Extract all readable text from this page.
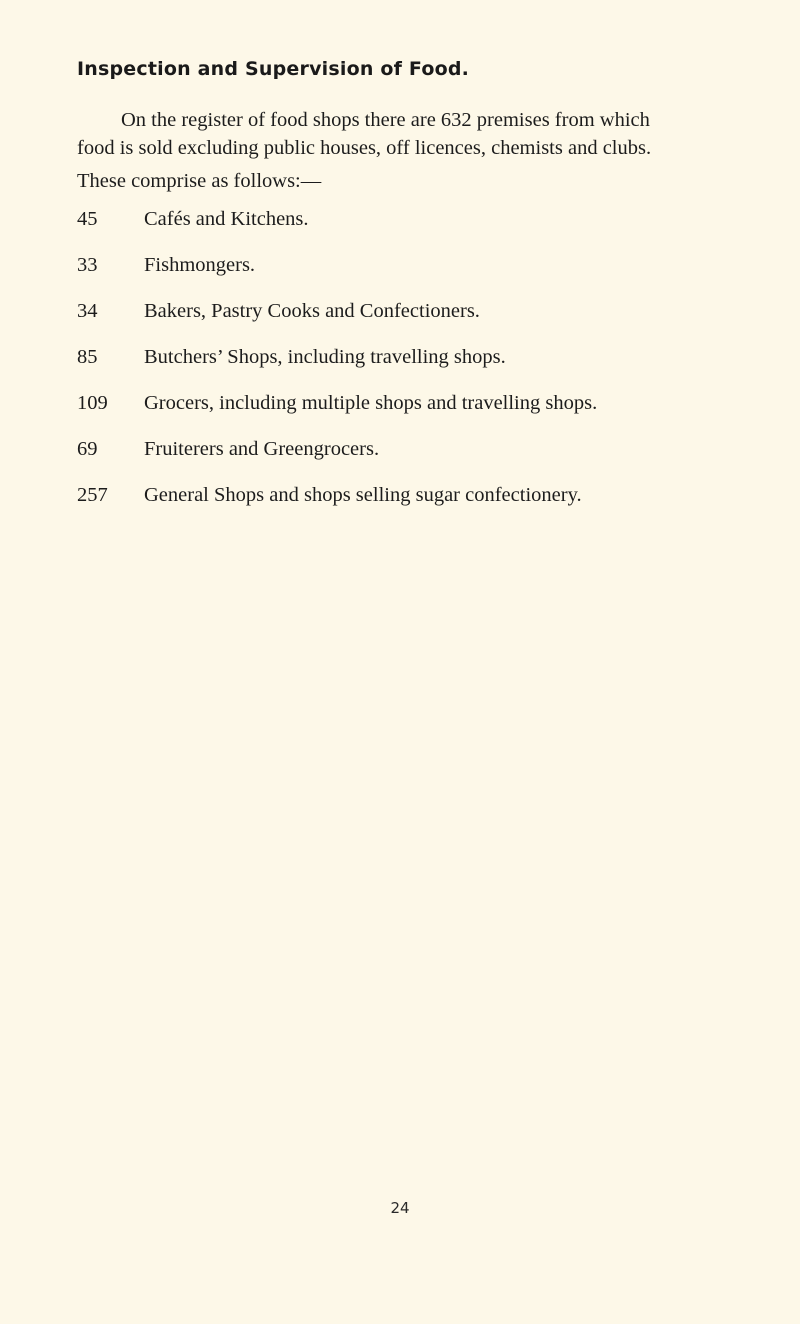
Inspection and Supervision of Food.

On the register of food shops there are 632 premises from which
food is sold excluding public houses, off licences, chemists and clubs.

These comprise as follows:—

45	Cafés and Kitchens.
33	Fishmongers.
34	Bakers, Pastry Cooks and Confectioners.
85	Butchers’ Shops, including travelling shops.
109	Grocers, including multiple shops and travelling shops.
69	Fruiterers and Greengrocers.
257	General Shops and shops selling sugar confectionery.
24
